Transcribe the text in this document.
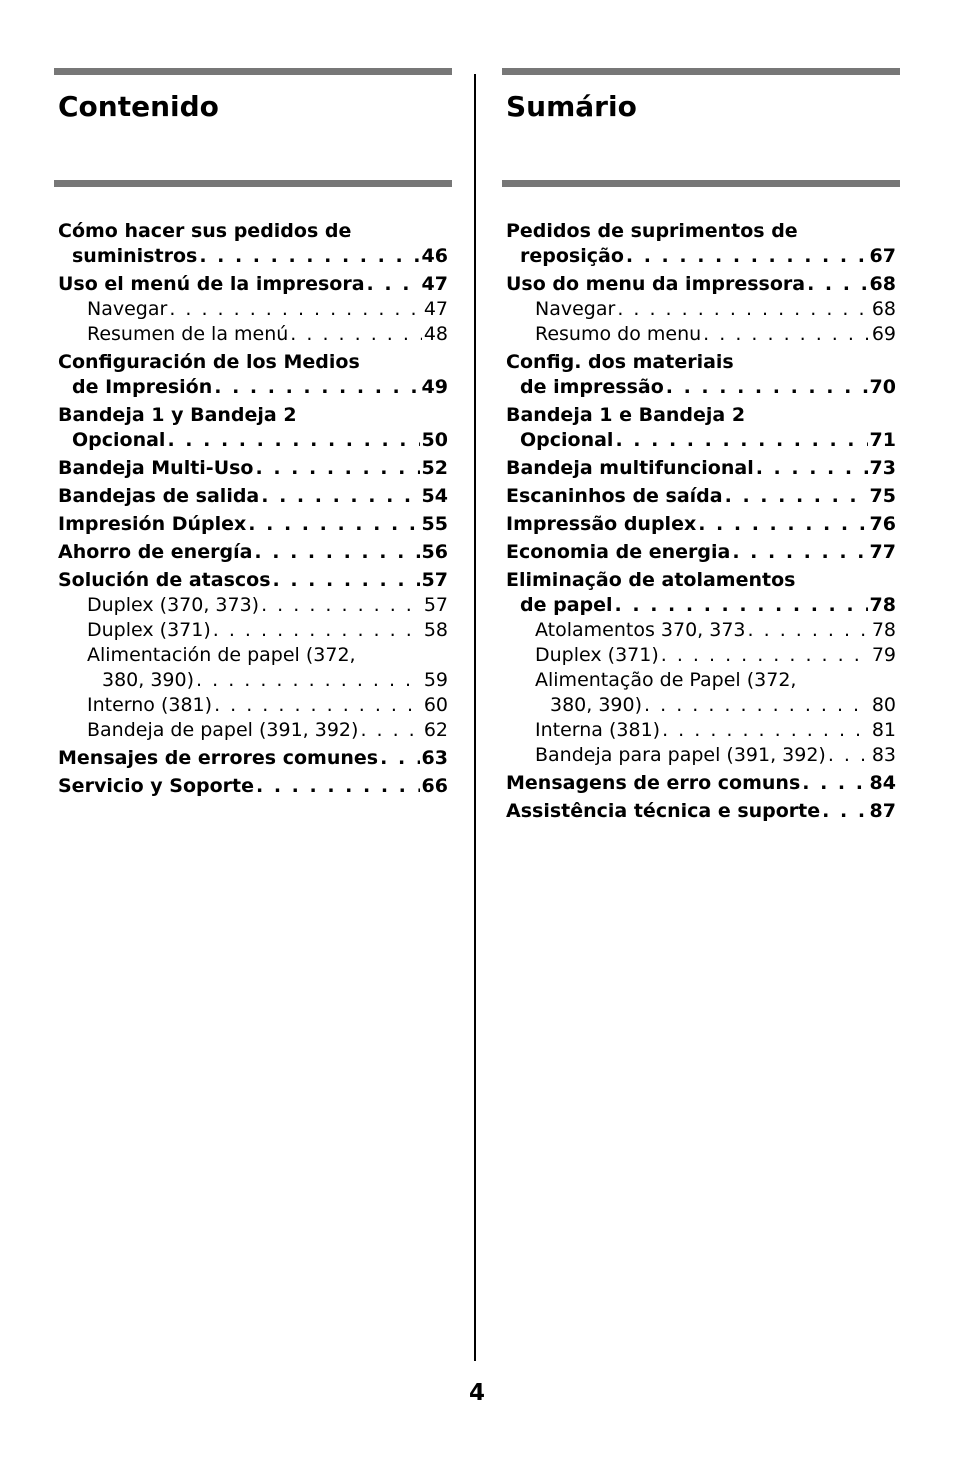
Contenido
Cómo hacer sus pedidos de
suministros . . .	46
Uso el menú de la impresora . . .	47
Navegar . . .	47
Resumen de la menú . . .	48
Configuración de los Medios
de Impresión . . .	49
Bandeja 1 y Bandeja 2
Opcional . . .	50
Bandeja Multi-Uso . . .	52
Bandejas de salida . . .	54
Impresión Dúplex . . .	55
Ahorro de energía . . .	56
Solución de atascos . . .	57
Duplex (370, 373) . . .	57
Duplex (371) . . .	58
Alimentación de papel (372,
380, 390) . . .	59
Interno (381) . . .	60
Bandeja de papel (391, 392) . . .	62
Mensajes de errores comunes . . . 63
Servicio y Soporte . . .	66
Sumário
Pedidos de suprimentos de
reposição . . .	67
Uso do menu da impressora . . .	68
Navegar . . .	68
Resumo do menu . . .	69
Config. dos materiais
de impressão . . .	70
Bandeja 1 e Bandeja 2
Opcional . . .	71
Bandeja multifuncional . . .	73
Escaninhos de saída . . .	75
Impressão duplex . . .	76
Economia de energia . . .	77
Eliminação de atolamentos
de papel . . .	78
Atolamentos 370, 373 . . .	78
Duplex (371) . . .	79
Alimentação de Papel (372,
380, 390) . . .	80
Interna (381) . . .	81
Bandeja para papel (391, 392) . . . 83
Mensagens de erro comuns . . .	84
Assistência técnica e suporte . . .	87
4
